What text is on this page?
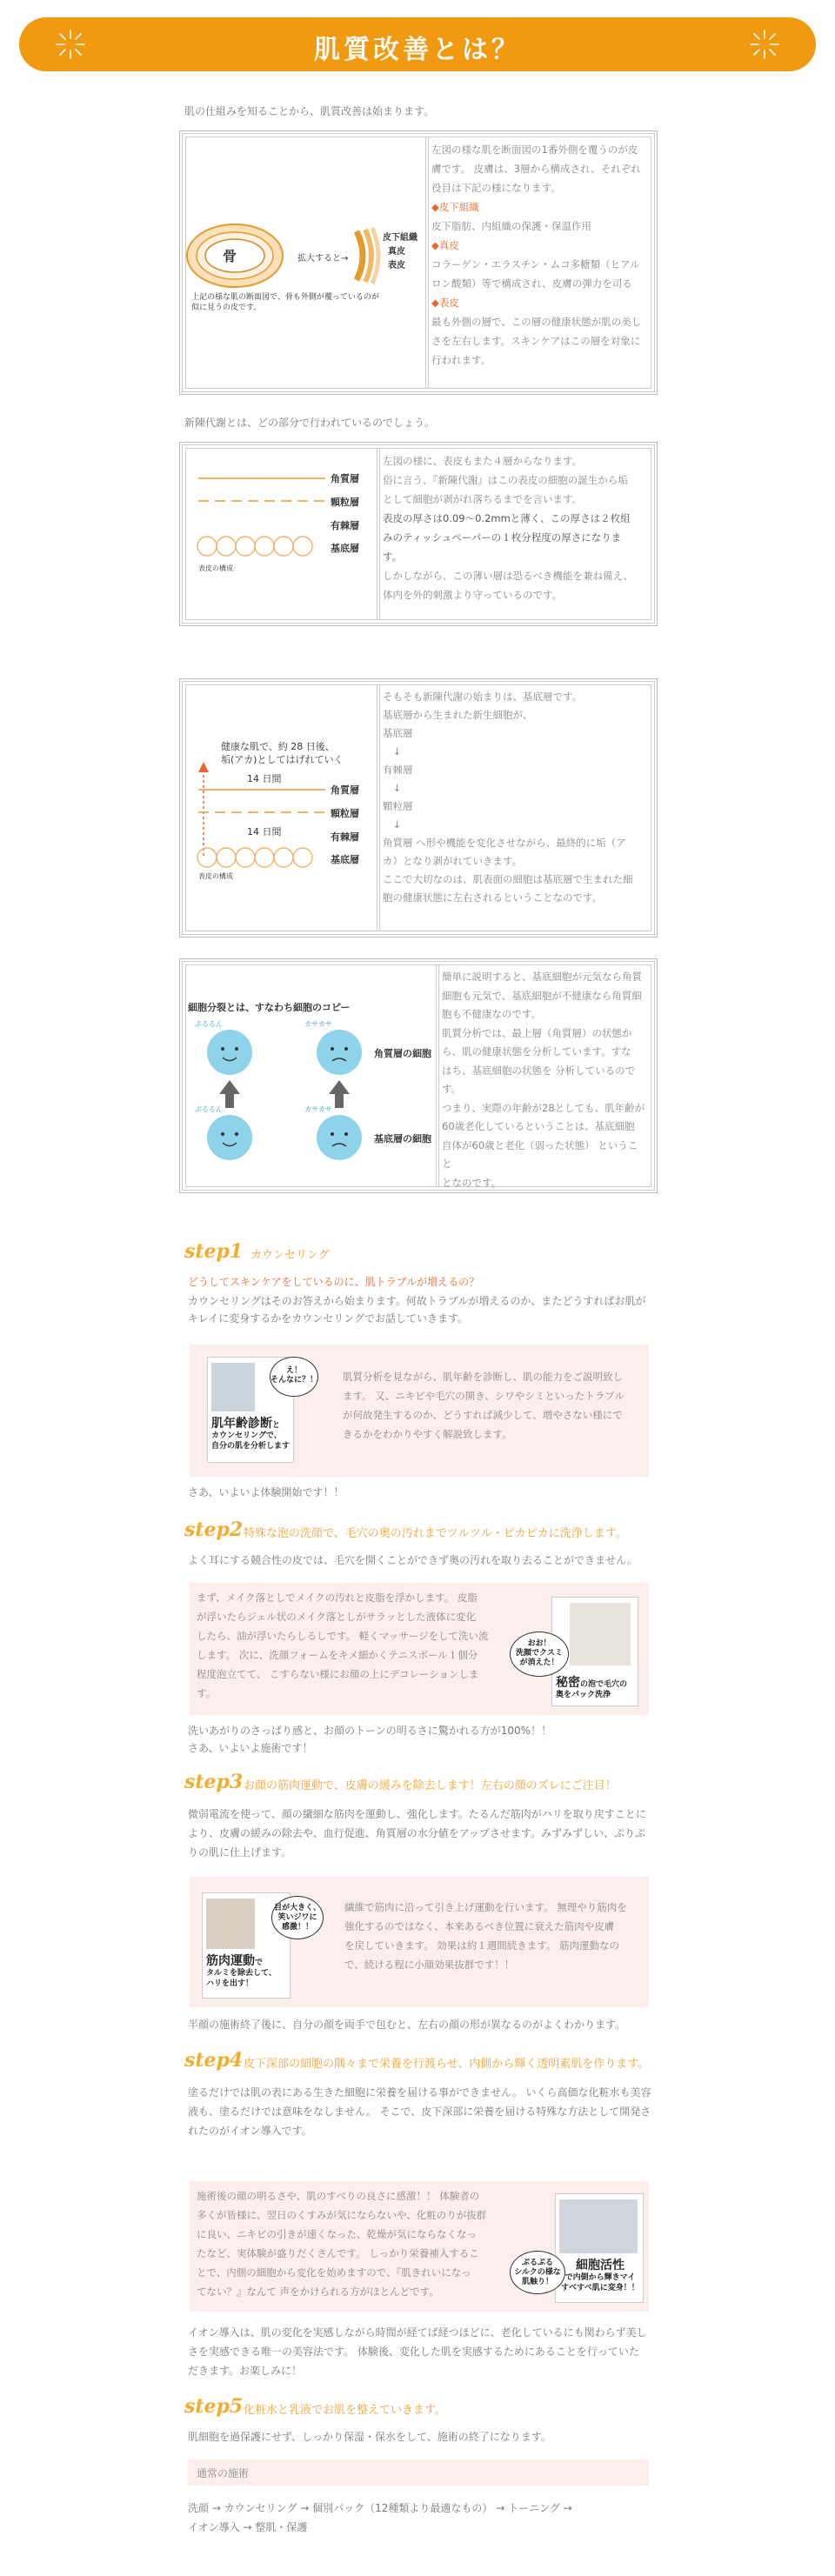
肌質改善とは？
肌の仕組みを知ることから、肌質改善は始まります。
骨	拡大すると→
皮下組織
真皮
表皮
上記の様な肌の断面図で、骨も外側が覆っているのが
似に見うの皮です。
左図の様な肌を断面図の1番外側を覆うのが皮
膚です。 皮膚は、3層から構成され、それぞれ
役目は下記の様になります。
◆皮下組織
皮下脂肪、内組織の保護・保温作用
◆真皮
コラーゲン・エラスチン・ムコ多糖類（ヒアル
ロン酸類）等で構成され、皮膚の弾力を司る
◆表皮
最も外側の層で、この層の健康状態が肌の美し
さを左右します。スキンケアはこの層を対象に
行われます。
新陳代謝とは、どの部分で行われているのでしょう。
角質層
顆粒層
有棘層
基底層
表皮の構成
左図の様に、表皮もまた４層からなります。
俗に言う、『新陳代謝』はこの表皮の細胞の誕生から垢
として細胞が剥がれ落ちるまでを言います。
表皮の厚さは0.09〜0.2mmと薄く、この厚さは２枚組
みのティッシュペーパーの１枚分程度の厚さになりま
す。
しかしながら、この薄い層は恐るべき機能を兼ね備え、
体内を外的刺激より守っているのです。
健康な肌で、約 28 日後、
垢(アカ)としてはげれていく
14 日間
14 日間
角質層
顆粒層
有棘層
基底層
表皮の構成
そもそも新陳代謝の始まりは、基底層です。
基底層から生まれた新生細胞が、
基底層
　↓
有棘層
　↓
顆粒層
　↓
角質層 へ形や機能を変化させながら、最終的に垢（ア
カ）となり剥がれていきます。
ここで大切なのは、肌表面の細胞は基底層で生まれた細
胞の健康状態に左右されるということなのです。
細胞分裂とは、すなわち細胞のコピー
ぷるるん	カサカサ
ぷるるん	カサカサ
角質層の細胞
基底層の細胞
簡単に説明すると、基底細胞が元気なら角質
細胞も元気で、基底細胞が不健康なら角質細
胞も不健康なのです。
肌質分析では、最上層（角質層）の状態か
ら、肌の健康状態を分析しています。すな
はち、基底細胞の状態を 分析しているので
す。
つまり、実際の年齢が28としても、肌年齢が
60歳老化しているということは、基底細胞
自体が60歳と老化（弱った状態） ということ
となのです。
step1 カウンセリング
どうしてスキンケアをしているのに、肌トラブルが増えるの？
カウンセリングはそのお答えから始まります。何故トラブルが増えるのか、またどうすればお肌が
キレイに変身するかをカウンセリングでお話していきます。
肌年齢診断と
カウンセリングで、
自分の肌を分析します
え！
そんなに？！	肌質分析を見ながら、肌年齢を診断し、肌の能力をご説明致し
ます。 又、ニキビや毛穴の開き、シワやシミといったトラブル
が何故発生するのか、どうすれば減少して、増やさない様にで
きるかをわかりやすく解説致します。
さあ、いよいよ体験開始です！！
step2 特殊な泡の洗顔で、毛穴の奥の汚れまでツルツル・ピカピカに洗浄します。
よく耳にする競合性の皮では、毛穴を開くことができず奥の汚れを取り去ることができません。
まず、メイク落としでメイクの汚れと皮脂を浮かします。 皮脂
が浮いたらジェル状のメイク落としがサラッとした液体に変化
したら、油が浮いたらしるしです。 軽くマッサージをして洗い流
します。 次に、洗顔フォームをキメ細かくテニスボール１個分
程度泡立てて、 こすらない様にお顔の上にデコレーションしま
す。
秘密の泡で毛穴の
奥をパック洗浄
おお！
洗顔でクスミ
が消えた！
洗いあがりのさっぱり感と、お顔のトーンの明るさに驚かれる方が100%！！
さあ、いよいよ施術です！
step3 お顔の筋肉運動で、皮膚の緩みを除去します！左右の顔のズレにご注目！
微弱電流を使って、顔の繊細な筋肉を運動し、強化します。たるんだ筋肉がハリを取り戻すことに
より、皮膚の緩みの除去や、血行促進、角質層の水分値をアップさせます。みずみずしい、ぷりぷ
りの肌に仕上げます。
筋肉運動で
タルミを除去して、
ハリを出す！
目が大きく、
笑いジワに
感激！！
繊維で筋肉に沿って引き上げ運動を行います。 無理やり筋肉を
強化するのではなく、本来あるべき位置に衰えた筋肉や皮膚
を戻していきます。 効果は約１週間続きます。 筋肉運動なの
で、続ける程に小顔効果抜群です！！
半顔の施術終了後に、自分の顔を両手で包むと、左右の顔の形が異なるのがよくわかります。
step4 皮下深部の細胞の隅々まで栄養を行渡らせ、内側から輝く透明素肌を作ります。
塗るだけでは肌の表にある生きた細胞に栄養を届ける事ができません。 いくら高価な化粧水も美容
液も、塗るだけでは意味をなしません。 そこで、皮下深部に栄養を届ける特殊な方法として開発さ
れたのがイオン導入です。
施術後の顔の明るさや、肌のすべりの良さに感激！！ 体験者の
多くが皆様に、翌日のくすみが気にならないや、化粧のりが抜群
に良い、ニキビの引きが速くなった、乾燥が気にならなくなっ
たなど、実体験が盛りだくさんです。 しっかり栄養補入するこ
とで、内側の細胞から変化を始めますので、『肌きれいになっ
てない？』なんて 声をかけられる方がほとんどです。
細胞活性
で内側から輝きマイ
すべすべ肌に変身！！
ぷるぷる
シルクの様な
肌触り！
イオン導入は、肌の変化を実感しながら時間が経てば経つほどに、老化しているにも関わらず美し
さを実感できる唯一の美容法です。 体験後、変化した肌を実感するためにあることを行っていた
だきます。お楽しみに！
step5 化粧水と乳液でお肌を整えていきます。
肌細胞を過保護にせず、しっかり保湿・保水をして、施術の終了になります。
通常の施術
洗顔 → カウンセリング → 個別パック（12種類より最適なもの） → トーニング →
イオン導入 → 整肌・保護
